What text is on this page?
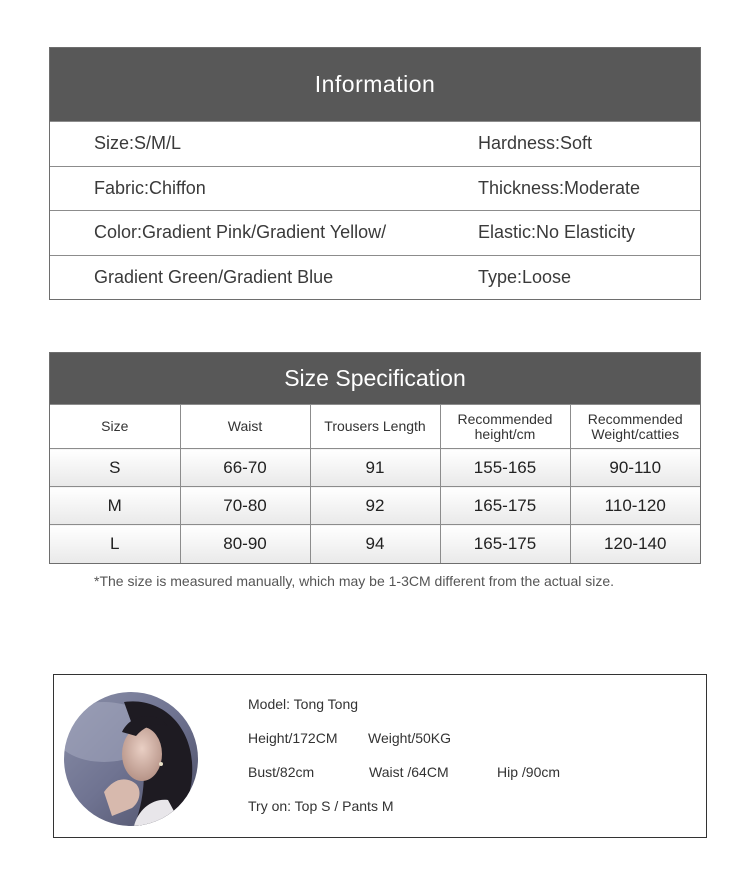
Information
Size:S/M/L	Hardness:Soft
Fabric:Chiffon	Thickness:Moderate
Color:Gradient Pink/Gradient Yellow/	Elastic:No Elasticity
Gradient Green/Gradient Blue	Type:Loose
Size Specification
Size	Waist	Trousers Length	Recommended height/cm	Recommended Weight/catties
S	66-70	91	155-165	90-110
M	70-80	92	165-175	110-120
L	80-90	94	165-175	120-140
*The size is measured manually, which may be 1-3CM different from the actual size.
Model: Tong Tong
Height/172CM Weight/50KG
Bust/82cm	Waist /64CM	Hip /90cm
Try on: Top S / Pants M
